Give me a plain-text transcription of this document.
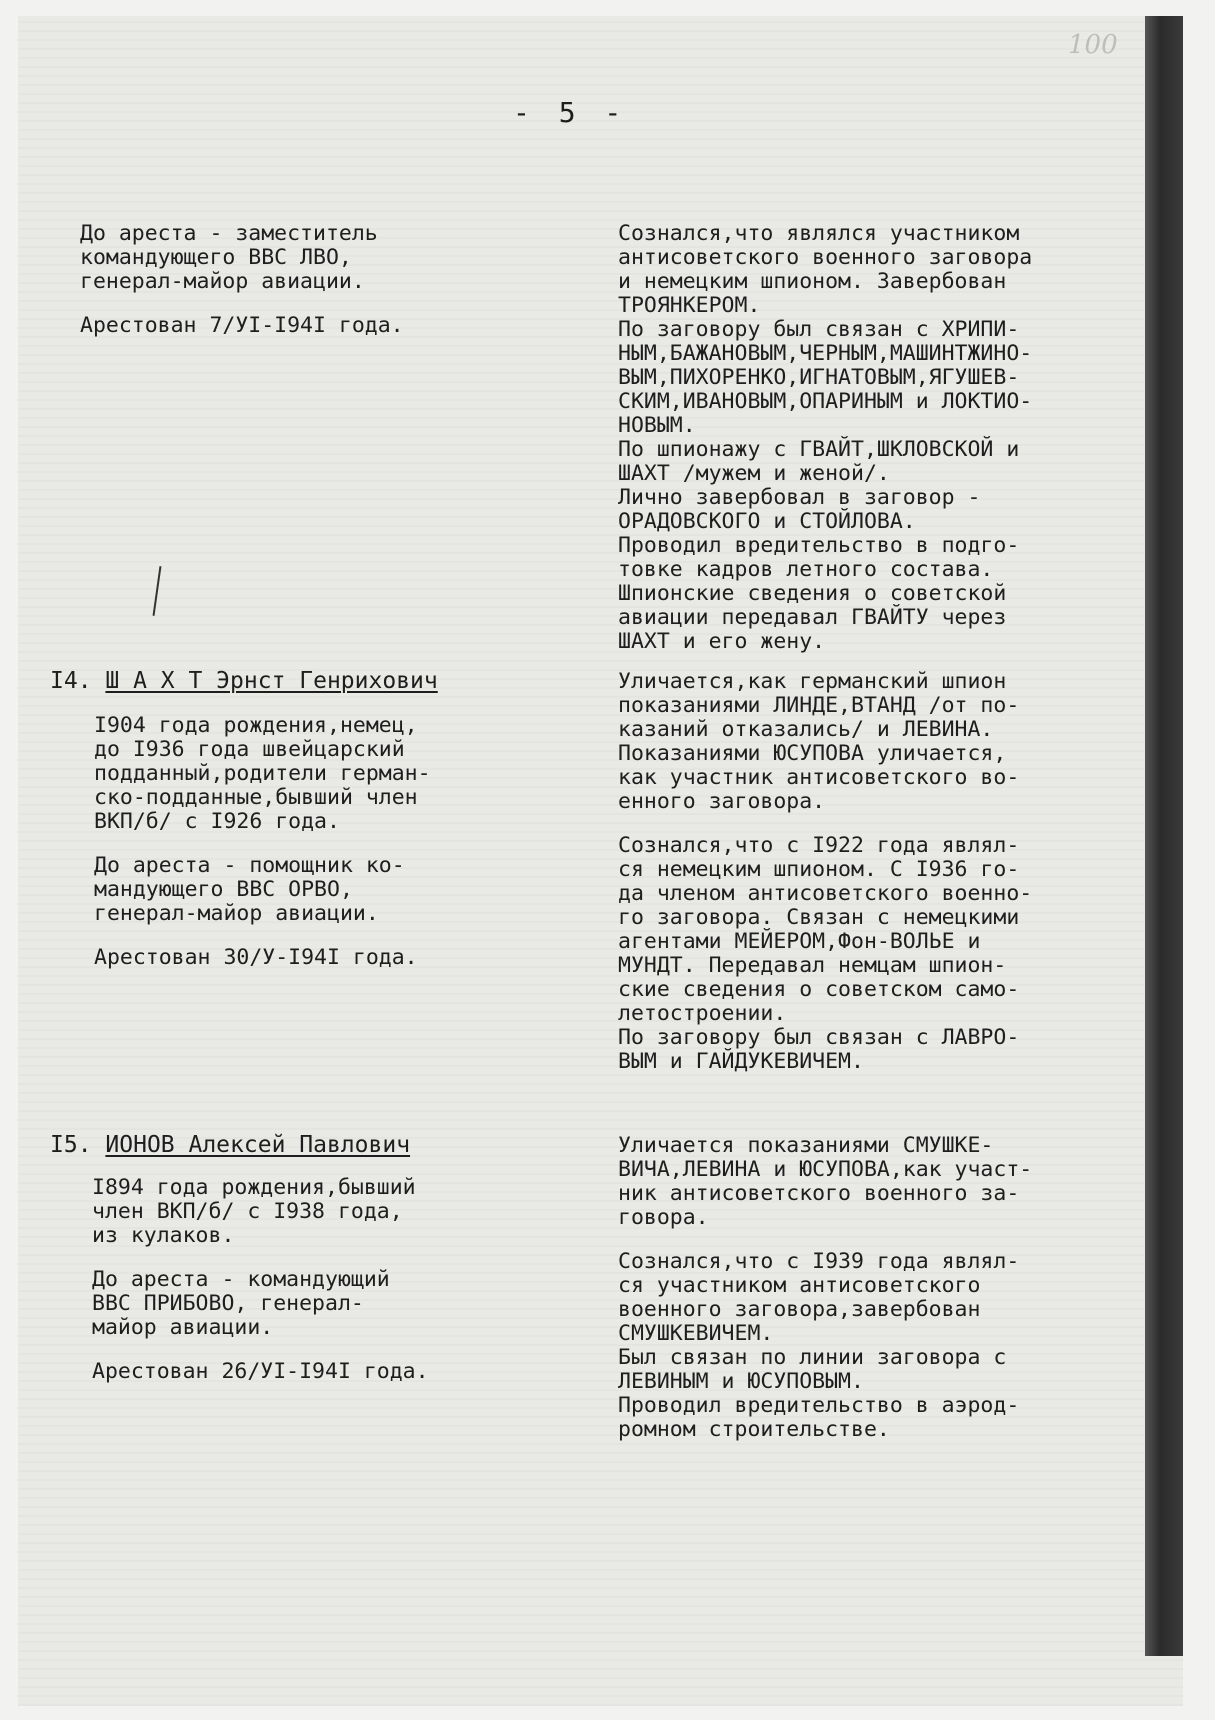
100
- 5 -

До ареста - заместитель

командующего ВВС ЛВО,

генерал-майор авиации.

Арестован 7/УI-I94I года.

Сознался,что являлся участником

антисоветского военного заговора

и немецким шпионом. Завербован

ТРОЯНКЕРОМ.

По заговору был связан с ХРИПИ-

НЫМ,БАЖАНОВЫМ,ЧЕРНЫМ,МАШИНТЖИНО-

ВЫМ,ПИХОРЕНКО,ИГНАТОВЫМ,ЯГУШЕВ-

СКИМ,ИВАНОВЫМ,ОПАРИНЫМ и ЛОКТИО-

НОВЫМ.

По шпионажу с ГВАЙТ,ШКЛОВСКОЙ и

ШАХТ /мужем и женой/.

Лично завербовал в заговор -

ОРАДОВСКОГО и СТОЙЛОВА.

Проводил вредительство в подго-

товке кадров летного состава.

Шпионские сведения о советской

авиации передавал ГВАЙТУ через

ШАХТ и его жену.

I4. Ш А Х Т Эрнст Генрихович

I904 года рождения,немец,

до I936 года швейцарский

подданный,родители герман-

ско-подданные,бывший член

ВКП/б/ с I926 года.

До ареста - помощник ко-

мандующего ВВС ОРВО,

генерал-майор авиации.

Арестован 30/У-I94I года.

Уличается,как германский шпион

показаниями ЛИНДЕ,ВТАНД /от по-

казаний отказались/ и ЛЕВИНА.

Показаниями ЮСУПОВА уличается,

как участник антисоветского во-

енного заговора.

Сознался,что с I922 года являл-

ся немецким шпионом. С I936 го-

да членом антисоветского военно-

го заговора. Связан с немецкими

агентами МЕЙЕРОМ,Фон-ВОЛЬЕ и

МУНДТ. Передавал немцам шпион-

ские сведения о советском само-

летостроении.

По заговору был связан с ЛАВРО-

ВЫМ и ГАЙДУКЕВИЧЕМ.

I5. ИОНОВ Алексей Павлович

I894 года рождения,бывший

член ВКП/б/ с I938 года,

из кулаков.

До ареста - командующий

ВВС ПРИБОВО, генерал-

майор авиации.

Арестован 26/УI-I94I года.

Уличается показаниями СМУШКЕ-

ВИЧА,ЛЕВИНА и ЮСУПОВА,как участ-

ник антисоветского военного за-

говора.

Сознался,что с I939 года являл-

ся участником антисоветского

военного заговора,завербован

СМУШКЕВИЧЕМ.

Был связан по линии заговора с

ЛЕВИНЫМ и ЮСУПОВЫМ.

Проводил вредительство в аэрод-

ромном строительстве.
